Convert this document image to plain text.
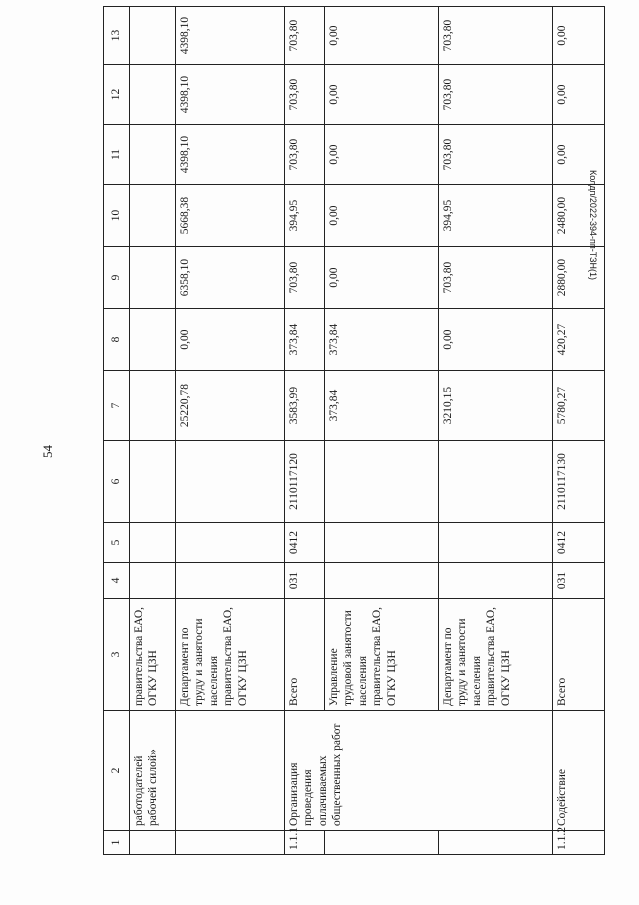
54
1	2	3	4	5	6	7	8	9	10	11	12	13
	работодателей рабочей силой»	правительства ЕАО, ОГКУ ЦЗН										
		Департамент по труду и занятости населения правительства ЕАО, ОГКУ ЦЗН				25220,78	0,00	6358,10	5668,38	4398,10	4398,10	4398,10
1.1.1	Организация проведения оплачиваемых общественных работ	Всего	031	0412	2110117120	3583,99	373,84	703,80	394,95	703,80	703,80	703,80
		Управление трудовой занятости населения правительства ЕАО, ОГКУ ЦЗН				373,84	373,84	0,00	0,00	0,00	0,00	0,00
		Департамент по труду и занятости населения правительства ЕАО, ОГКУ ЦЗН				3210,15	0,00	703,80	394,95	703,80	703,80	703,80
1.1.2	Содействие	Всего	031	0412	2110117130	5780,27	420,27	2880,00	2480,00	0,00	0,00	0,00
Колдп/2022-394-пп-ТЗН(1)
